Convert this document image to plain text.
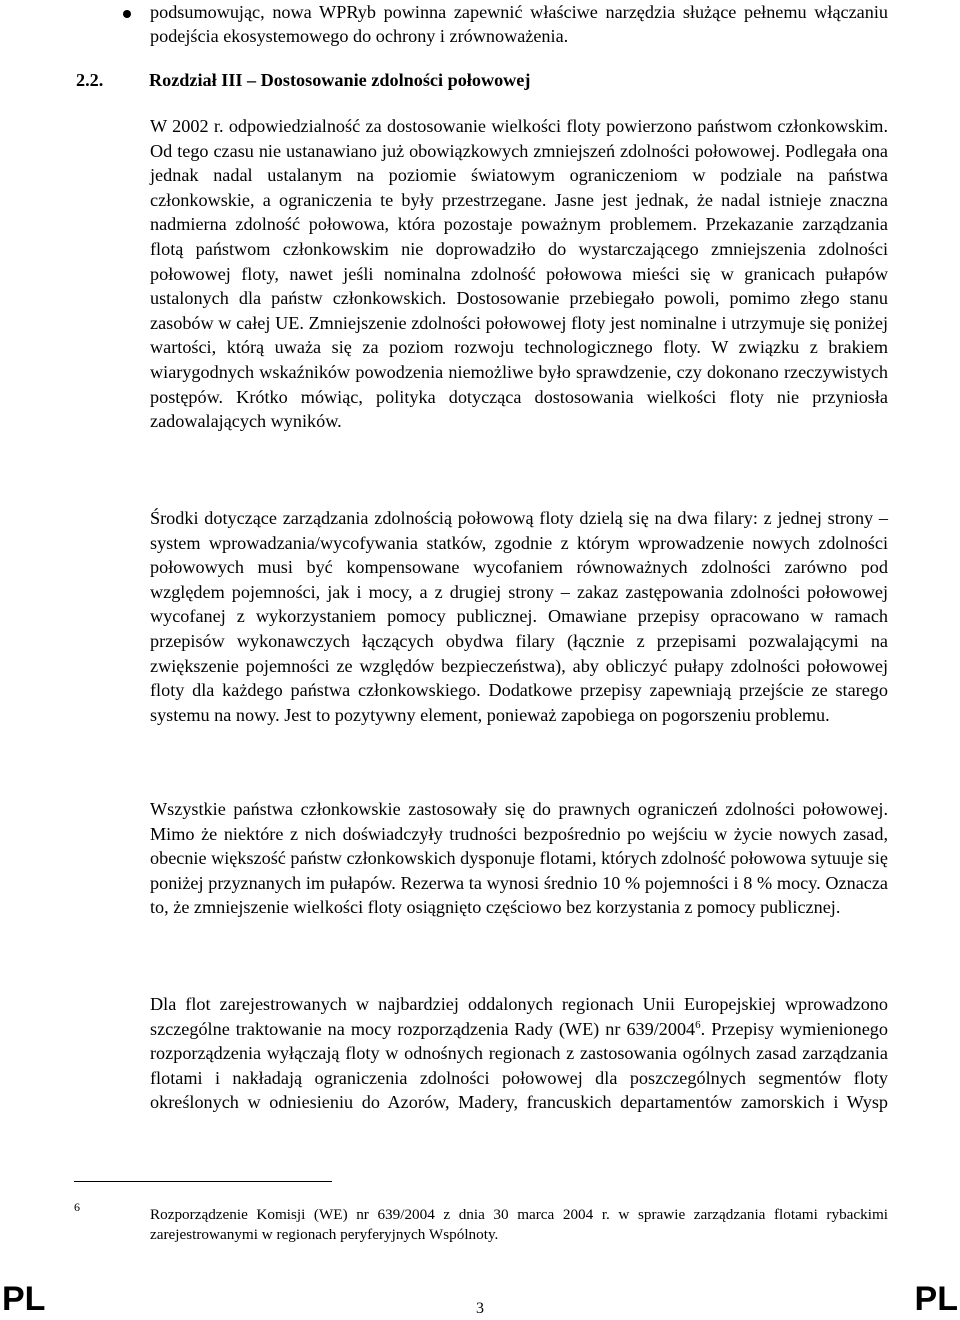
podsumowując, nowa WPRyb powinna zapewnić właściwe narzędzia służące pełnemu włączaniu podejścia ekosystemowego do ochrony i zrównoważenia.

2.2.	Rozdział III – Dostosowanie zdolności połowowej

W 2002 r. odpowiedzialność za dostosowanie wielkości floty powierzono państwom członkowskim. Od tego czasu nie ustanawiano już obowiązkowych zmniejszeń zdolności połowowej. Podlegała ona jednak nadal ustalanym na poziomie światowym ograniczeniom w podziale na państwa członkowskie, a ograniczenia te były przestrzegane. Jasne jest jednak, że nadal istnieje znaczna nadmierna zdolność połowowa, która pozostaje poważnym problemem. Przekazanie zarządzania flotą państwom członkowskim nie doprowadziło do wystarczającego zmniejszenia zdolności połowowej floty, nawet jeśli nominalna zdolność połowowa mieści się w granicach pułapów ustalonych dla państw członkowskich. Dostosowanie przebiegało powoli, pomimo złego stanu zasobów w całej UE. Zmniejszenie zdolności połowowej floty jest nominalne i utrzymuje się poniżej wartości, którą uważa się za poziom rozwoju technologicznego floty. W związku z brakiem wiarygodnych wskaźników powodzenia niemożliwe było sprawdzenie, czy dokonano rzeczywistych postępów. Krótko mówiąc, polityka dotycząca dostosowania wielkości floty nie przyniosła zadowalających wyników.

Środki dotyczące zarządzania zdolnością połowową floty dzielą się na dwa filary: z jednej strony – system wprowadzania/wycofywania statków, zgodnie z którym wprowadzenie nowych zdolności połowowych musi być kompensowane wycofaniem równoważnych zdolności zarówno pod względem pojemności, jak i mocy, a z drugiej strony – zakaz zastępowania zdolności połowowej wycofanej z wykorzystaniem pomocy publicznej. Omawiane przepisy opracowano w ramach przepisów wykonawczych łączących obydwa filary (łącznie z przepisami pozwalającymi na zwiększenie pojemności ze względów bezpieczeństwa), aby obliczyć pułapy zdolności połowowej floty dla każdego państwa członkowskiego. Dodatkowe przepisy zapewniają przejście ze starego systemu na nowy. Jest to pozytywny element, ponieważ zapobiega on pogorszeniu problemu.

Wszystkie państwa członkowskie zastosowały się do prawnych ograniczeń zdolności połowowej. Mimo że niektóre z nich doświadczyły trudności bezpośrednio po wejściu w życie nowych zasad, obecnie większość państw członkowskich dysponuje flotami, których zdolność połowowa sytuuje się poniżej przyznanych im pułapów. Rezerwa ta wynosi średnio 10 % pojemności i 8 % mocy. Oznacza to, że zmniejszenie wielkości floty osiągnięto częściowo bez korzystania z pomocy publicznej.

Dla flot zarejestrowanych w najbardziej oddalonych regionach Unii Europejskiej wprowadzono szczególne traktowanie na mocy rozporządzenia Rady (WE) nr 639/2004$^6$. Przepisy wymienionego rozporządzenia wyłączają floty w odnośnych regionach z zastosowania ogólnych zasad zarządzania flotami i nakładają ograniczenia zdolności połowowej dla poszczególnych segmentów floty określonych w odniesieniu do Azorów, Madery, francuskich departamentów zamorskich i Wysp

6	Rozporządzenie Komisji (WE) nr 639/2004 z dnia 30 marca 2004 r. w sprawie zarządzania flotami rybackimi zarejestrowanymi w regionach peryferyjnych Wspólnoty.

PL	3	PL
